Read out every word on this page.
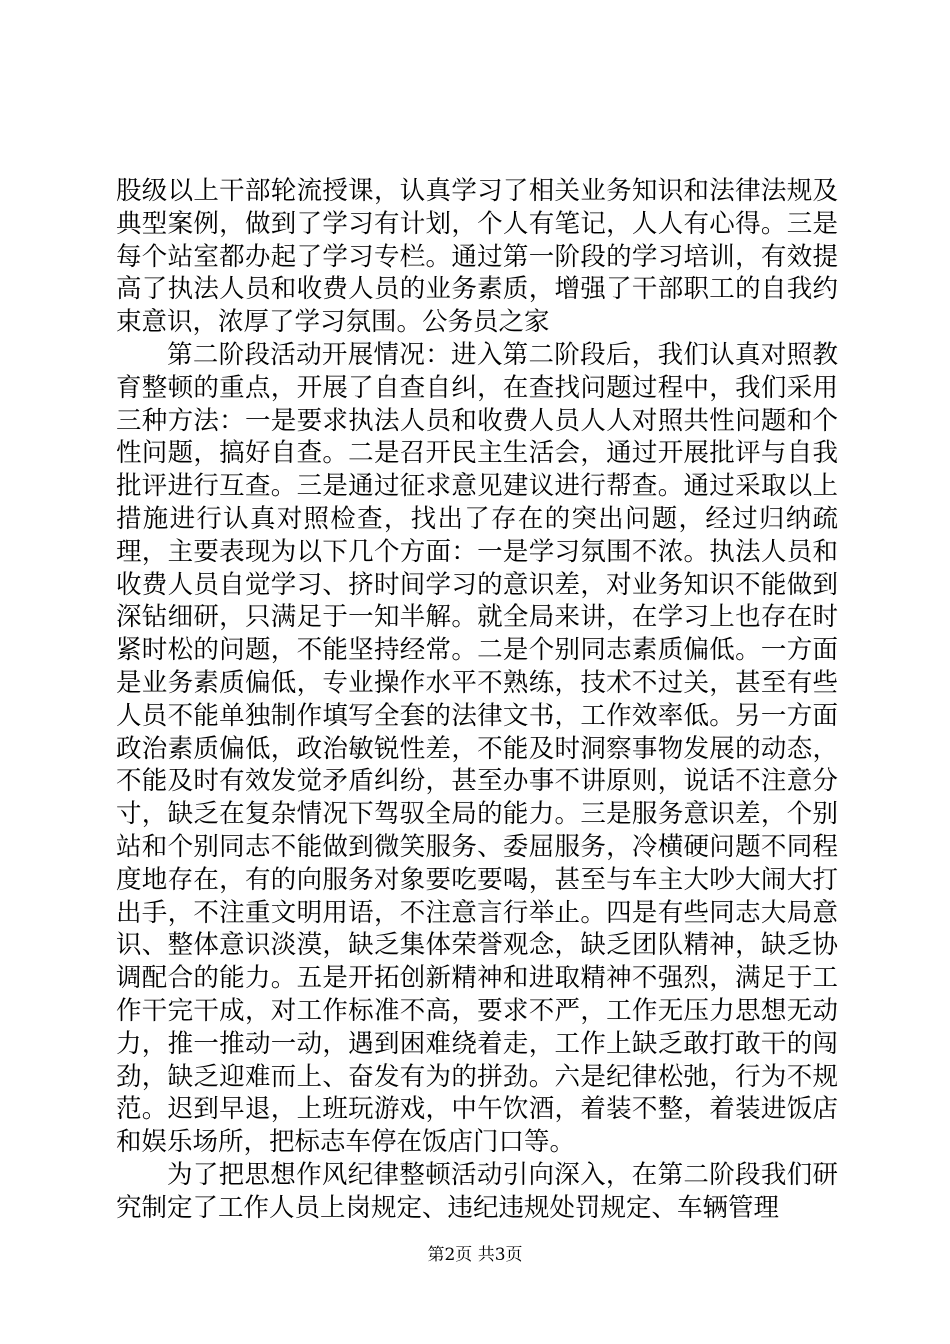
股级以上干部轮流授课，认真学习了相关业务知识和法律法规及典型案例，做到了学习有计划，个人有笔记，人人有心得。三是每个站室都办起了学习专栏。通过第一阶段的学习培训，有效提高了执法人员和收费人员的业务素质，增强了干部职工的自我约束意识，浓厚了学习氛围。公务员之家

第二阶段活动开展情况：进入第二阶段后，我们认真对照教育整顿的重点，开展了自查自纠，在查找问题过程中，我们采用三种方法：一是要求执法人员和收费人员人人对照共性问题和个性问题，搞好自查。二是召开民主生活会，通过开展批评与自我批评进行互查。三是通过征求意见建议进行帮查。通过采取以上措施进行认真对照检查，找出了存在的突出问题，经过归纳疏理，主要表现为以下几个方面：一是学习氛围不浓。执法人员和收费人员自觉学习、挤时间学习的意识差，对业务知识不能做到深钻细研，只满足于一知半解。就全局来讲，在学习上也存在时紧时松的问题，不能坚持经常。二是个别同志素质偏低。一方面是业务素质偏低，专业操作水平不熟练，技术不过关，甚至有些人员不能单独制作填写全套的法律文书，工作效率低。另一方面政治素质偏低，政治敏锐性差，不能及时洞察事物发展的动态，不能及时有效发觉矛盾纠纷，甚至办事不讲原则，说话不注意分寸，缺乏在复杂情况下驾驭全局的能力。三是服务意识差，个别站和个别同志不能做到微笑服务、委屈服务，冷横硬问题不同程度地存在，有的向服务对象要吃要喝，甚至与车主大吵大闹大打出手，不注重文明用语，不注意言行举止。四是有些同志大局意识、整体意识淡漠，缺乏集体荣誉观念，缺乏团队精神，缺乏协调配合的能力。五是开拓创新精神和进取精神不强烈，满足于工作干完干成，对工作标准不高，要求不严，工作无压力思想无动力，推一推动一动，遇到困难绕着走，工作上缺乏敢打敢干的闯劲，缺乏迎难而上、奋发有为的拼劲。六是纪律松弛，行为不规范。迟到早退，上班玩游戏，中午饮酒，着装不整，着装进饭店和娱乐场所，把标志车停在饭店门口等。

为了把思想作风纪律整顿活动引向深入，在第二阶段我们研究制定了工作人员上岗规定、违纪违规处罚规定、车辆管理

第2页 共3页
